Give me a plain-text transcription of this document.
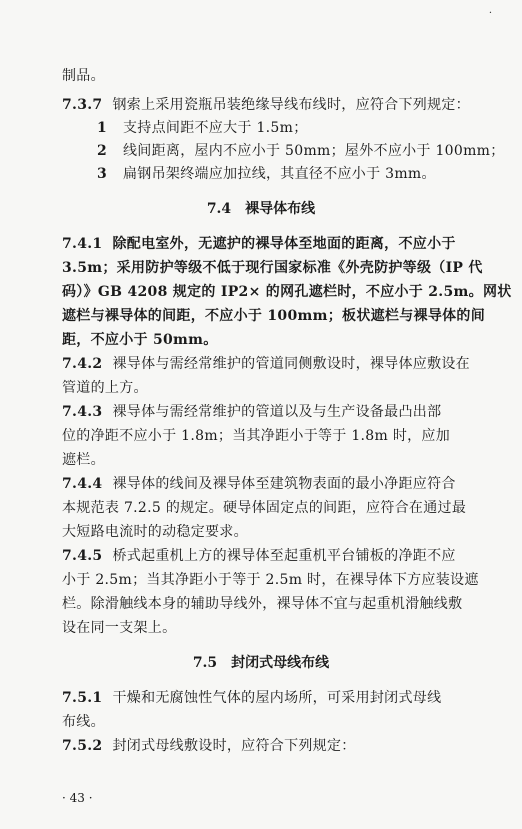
·
制品。
7.3.7 钢索上采用瓷瓶吊装绝缘导线布线时，应符合下列规定：
1 支持点间距不应大于 1.5m；
2 线间距离，屋内不应小于 50mm；屋外不应小于 100mm；
3 扁钢吊架终端应加拉线，其直径不应小于 3mm。
7.4 裸导体布线
7.4.1 除配电室外，无遮护的裸导体至地面的距离，不应小于
3.5m；采用防护等级不低于现行国家标准《外壳防护等级（IP 代
码）》GB 4208 规定的 IP2× 的网孔遮栏时，不应小于 2.5m。网状
遮栏与裸导体的间距，不应小于 100mm；板状遮栏与裸导体的间
距，不应小于 50mm。
7.4.2 裸导体与需经常维护的管道同侧敷设时，裸导体应敷设在
管道的上方。
7.4.3 裸导体与需经常维护的管道以及与生产设备最凸出部
位的净距不应小于 1.8m；当其净距小于等于 1.8m 时，应加
遮栏。
7.4.4 裸导体的线间及裸导体至建筑物表面的最小净距应符合
本规范表 7.2.5 的规定。硬导体固定点的间距，应符合在通过最
大短路电流时的动稳定要求。
7.4.5 桥式起重机上方的裸导体至起重机平台铺板的净距不应
小于 2.5m；当其净距小于等于 2.5m 时，在裸导体下方应装设遮
栏。除滑触线本身的辅助导线外，裸导体不宜与起重机滑触线敷
设在同一支架上。
7.5 封闭式母线布线
7.5.1 干燥和无腐蚀性气体的屋内场所，可采用封闭式母线
布线。
7.5.2 封闭式母线敷设时，应符合下列规定：
· 43 ·
